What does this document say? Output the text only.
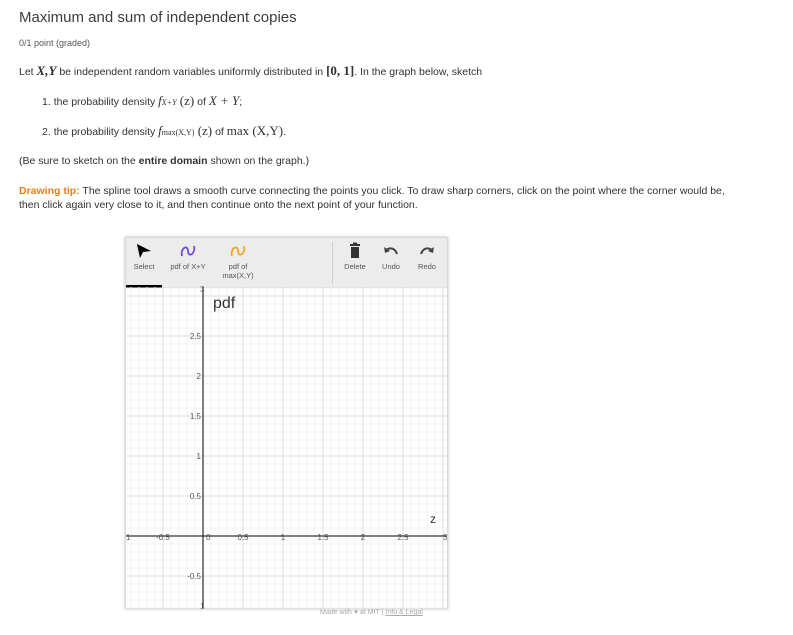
Maximum and sum of independent copies
0/1 point (graded)
Let X,Y be independent random variables uniformly distributed in [0, 1]. In the graph below, sketch
1. the probability density fX+Y (z) of X + Y;
2. the probability density fmax(X,Y) (z) of max (X,Y).
(Be sure to sketch on the entire domain shown on the graph.)
Drawing tip: The spline tool draws a smooth curve connecting the points you click. To draw sharp corners, click on the point where the corner would be, then click again very close to it, and then continue onto the next point of your function.
Select	pdf of X+Y	pdf of
max(X,Y)
Delete	Undo	Redo
-0.5	0	0.5	1	1.5	2	2.5
2.5
2
1.5
1
0.5
-0.5
pdf
z
1
3
1
3
Made with ♥ at MIT | Info & Legal
